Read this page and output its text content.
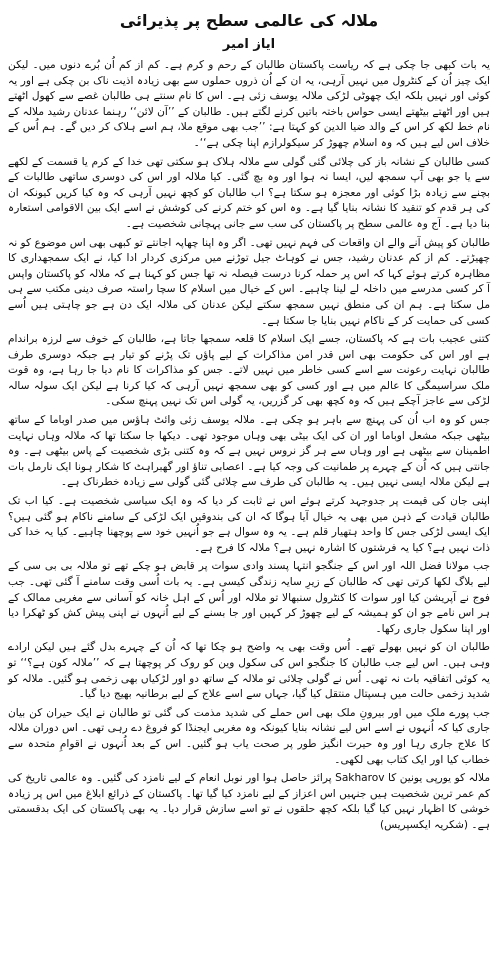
ملالہ کی عالمی سطح پر پذیرائی
ایاز امیر

یہ بات کبھی جا چکی ہے کہ ریاست پاکستان طالبان کے رحم و کرم ہے۔ کم از کم اُن بُرے دنوں میں۔ لیکن ایک چیز اُن کے کنٹرول میں نہیں آرہی، یہ ان کے اُن ذروں حملوں سے بھی زیادہ اذیت ناک بن چکی ہے اور یہ کوئی اور نہیں بلکہ ایک چھوٹی لڑکی ملالہ یوسف زئی ہے۔ اس کا نام سنتے ہی طالبان غصے سے کھول اٹھتے ہیں اور اٹھتے بیٹھتے ایسی حواس باختہ باتیں کرنے لگتے ہیں۔ طالبان کے ’’آن لائن‘‘ رہنما عدنان رشید ملالہ کے نام خط لکھ کر اس کے والد ضیا الدین کو کہتا ہے: ’’جب بھی موقع ملا، ہم اسے ہلاک کر دیں گے۔ ہم اُس کے خلاف اس لیے ہیں کہ وہ اسلام چھوڑ کر سیکولرازم اپنا چکی ہے‘‘۔

کسی طالبان کے نشانہ باز کی چلائی گئی گولی سے ملالہ ہلاک ہو سکتی تھی خدا کے کرم یا قسمت کے لکھے سے یا جو بھی آپ سمجھ لیں، ایسا نہ ہوا اور وہ بچ گئی۔ کیا ملالہ اور اس کی دوسری ساتھی طالبات کے بچنے سے زیادہ بڑا کوئی اور معجزہ ہو سکتا ہے؟ اب طالبان کو کچھ نہیں آرہی کہ وہ کیا کریں کیونکہ ان کی ہر قدم کو تنقید کا نشانہ بنایا گیا ہے۔ وہ اس کو ختم کرنے کی کوشش نے اسے ایک بین الاقوامی استعارہ بنا دیا ہے۔ آج وہ عالمی سطح پر پاکستان کی سب سے جانی پہچانی شخصیت ہے۔

طالبان کو پیش آنے والے ان واقعات کی فہم نہیں تھی۔ اگر وہ اپنا چھاپہ اجانتے تو کبھی بھی اس موضوع کو نہ چھیڑتے۔ کم از کم عدنان رشید، جس نے کوہاٹ جیل توڑنے میں مرکزی کردار ادا کیا، نے ایک سمجھداری کا مظاہرہ کرتے ہوئے کہا کہ اس پر حملہ کرنا درست فیصلہ نہ تھا جس کو کہنا ہے کہ ملالہ کو پاکستان واپس آ کر کسی مدرسے میں داخلہ لے لینا چاہیے۔ اس کے خیال میں اسلام کا سچا راستہ صرف دینی مکتب سے ہی مل سکتا ہے۔ ہم ان کی منطق نہیں سمجھ سکتے لیکن عدنان کی ملالہ ایک دن ہے جو چاہتی ہیں اُسے کسی کی حمایت کر کے ناکام نہیں بنایا جا سکتا ہے۔

کتنی عجیب بات ہے کہ پاکستان، جسے ایک اسلام کا قلعہ سمجھا جاتا ہے، طالبان کے خوف سے لرزہ براندام ہے اور اس کی حکومت بھی اس قدر امن مذاکرات کے لیے پاؤں تک پڑنے کو تیار ہے جبکہ دوسری طرف طالبان نہایت رعونت سے اسے کسی خاطر میں نہیں لاتے۔ جس کو مذاکرات کا نام دیا جا رہا ہے، وہ قوت ملک سراسیمگی کا عالم میں ہے اور کسی کو بھی سمجھ نہیں آرہی کہ کیا کرنا ہے لیکن ایک سولہ سالہ لڑکی سے عاجز آچکے ہیں کہ وہ کچھ بھی کر گزریں، یہ گولی اس تک نہیں پہنچ سکی۔

جس کو وہ اب اُن کی پہنچ سے باہر ہو چکی ہے۔ ملالہ یوسف زئی وائٹ ہاؤس میں صدر اوباما کے ساتھ بیٹھی جبکہ مشعل اوباما اور ان کی ایک بیٹی بھی وہاں موجود تھی۔ دیکھا جا سکتا تھا کہ ملالہ وہاں نہایت اطمینان سے بیٹھی ہے اور وہاں سے ہر گز نروس نہیں ہے کہ وہ کتنی بڑی شخصیت کے پاس بیٹھی ہے۔ وہ جانتی ہیں کہ اُن کے چہرے پر طمانیت کی وجہ کیا ہے۔ اعصابی تناؤ اور گھبراہٹ کا شکار ہونا ایک نارمل بات ہے لیکن ملالہ ایسی نہیں ہیں۔ یہ طالبان کی طرف سے چلائی گئی گولی سے زیادہ خطرناک ہے۔

اپنی جان کی قیمت پر جدوجہد کرتے ہوئے اس نے ثابت کر دیا کہ وہ ایک سیاسی شخصیت ہے۔ کیا اب تک طالبان قیادت کے ذہن میں بھی یہ خیال آیا ہوگا کہ ان کی بندوقیں ایک لڑکی کے سامنے ناکام ہو گئی ہیں؟ ایک ایسی لڑکی جس کا واحد ہتھیار قلم ہے۔ یہ وہ سوال ہے جو اُنہیں خود سے پوچھنا چاہیے۔ کیا یہ خدا کی ذات نہیں ہے؟ کیا یہ فرشتوں کا اشارہ نہیں ہے؟ ملالہ کا فرح ہے۔

جب مولانا فضل اللہ اور اس کے جنگجو انتہا پسند وادی سوات پر قابض ہو چکے تھے تو ملالہ بی بی سی کے لیے بلاگ لکھا کرتی تھی کہ طالبان کے زیرِ سایہ زندگی کیسی ہے۔ یہ بات اُسی وقت سامنے آ گئی تھی۔ جب فوج نے آپریشن کیا اور سوات کا کنٹرول سنبھالا تو ملالہ اور اُس کے اہل خانہ کو آسانی سے مغربی ممالک کے ہر اس نامے جو ان کو ہمیشہ کے لیے چھوڑ کر کہیں اور جا بسنے کے لیے اُنہوں نے اپنی پیش کش کو ٹھکرا دیا اور اپنا سکول جاری رکھا۔

طالبان ان کو نہیں بھولے تھے۔ اُس وقت بھی یہ واضح ہو چکا تھا کہ اُن کے چہرے بدل گئے ہیں لیکن ارادے وہی ہیں۔ اس لیے جب طالبان کا جنگجو اس کی سکول وین کو روک کر پوچھتا ہے کہ ’’ملالہ کون ہے؟‘‘ تو یہ کوئی اتفاقیہ بات نہ تھی۔ اُس نے گولی چلائی تو ملالہ کے ساتھ دو اور لڑکیاں بھی زخمی ہو گئیں۔ ملالہ کو شدید زخمی حالت میں ہسپتال منتقل کیا گیا، جہاں سے اسے علاج کے لیے برطانیہ بھیج دیا گیا۔

جب پورے ملک میں اور بیرونِ ملک بھی اس حملے کی شدید مذمت کی گئی تو طالبان نے ایک حیران کن بیان جاری کیا کہ اُنہوں نے اسے اس لیے نشانہ بنایا کیونکہ وہ مغربی ایجنڈا کو فروغ دے رہی تھی۔ اس دوران ملالہ کا علاج جاری رہا اور وہ حیرت انگیز طور پر صحت یاب ہو گئیں۔ اس کے بعد اُنہوں نے اقوامِ متحدہ سے خطاب کیا اور ایک کتاب بھی لکھی۔

ملالہ کو یورپی یونین کا Sakharov پرائز حاصل ہوا اور نوبل انعام کے لیے نامزد کی گئیں۔ وہ عالمی تاریخ کی کم عمر ترین شخصیت ہیں جنہیں اس اعزاز کے لیے نامزد کیا گیا تھا۔ پاکستان کے ذرائع ابلاغ میں اس پر زیادہ خوشی کا اظہار نہیں کیا گیا بلکہ کچھ حلقوں نے تو اسے سازش قرار دیا۔ یہ بھی پاکستان کی ایک بدقسمتی ہے۔ (شکریہ ایکسپریس)
